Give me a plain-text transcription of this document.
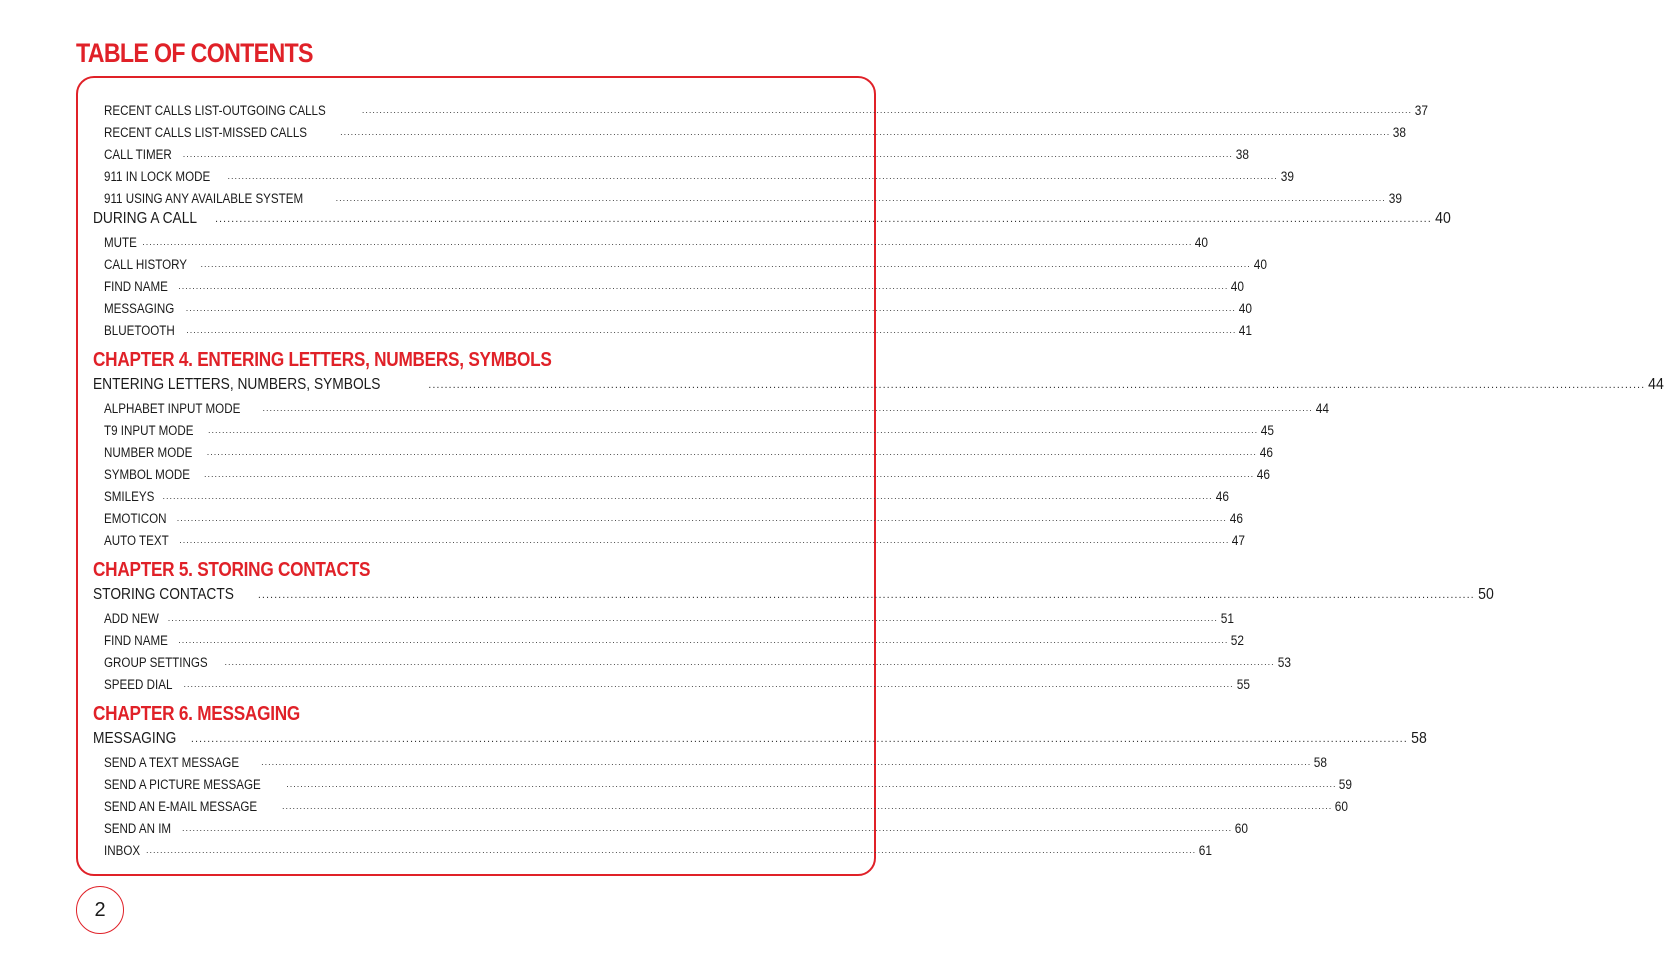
TABLE OF CONTENTS
RECENT CALLS LIST-OUTGOING CALLS	............................................................................................................................................................................................................................................................................................................ 37
RECENT CALLS LIST-MISSED CALLS	............................................................................................................................................................................................................................................................................................................ 38
CALL TIMER ............................................................................................................................................................................................................................................................................................................ 38
911 IN LOCK MODE ............................................................................................................................................................................................................................................................................................................ 39
911 USING ANY AVAILABLE SYSTEM	............................................................................................................................................................................................................................................................................................................ 39
DURING A CALL ............................................................................................................................................................................................................................................................................................................ 40
MUTE ............................................................................................................................................................................................................................................................................................................ 40
CALL HISTORY ............................................................................................................................................................................................................................................................................................................ 40
FIND NAME ............................................................................................................................................................................................................................................................................................................ 40
MESSAGING ............................................................................................................................................................................................................................................................................................................ 40
BLUETOOTH ............................................................................................................................................................................................................................................................................................................ 41
CHAPTER 4. ENTERING LETTERS, NUMBERS, SYMBOLS
ENTERING LETTERS, NUMBERS, SYMBOLS	............................................................................................................................................................................................................................................................................................................ 44
ALPHABET INPUT MODE ............................................................................................................................................................................................................................................................................................................ 44
T9 INPUT MODE ............................................................................................................................................................................................................................................................................................................ 45
NUMBER MODE ............................................................................................................................................................................................................................................................................................................ 46
SYMBOL MODE ............................................................................................................................................................................................................................................................................................................ 46
SMILEYS ............................................................................................................................................................................................................................................................................................................ 46
EMOTICON ............................................................................................................................................................................................................................................................................................................ 46
AUTO TEXT ............................................................................................................................................................................................................................................................................................................ 47
CHAPTER 5. STORING CONTACTS
STORING CONTACTS ............................................................................................................................................................................................................................................................................................................ 50
ADD NEW ............................................................................................................................................................................................................................................................................................................ 51
FIND NAME ............................................................................................................................................................................................................................................................................................................ 52
GROUP SETTINGS ............................................................................................................................................................................................................................................................................................................ 53
SPEED DIAL ............................................................................................................................................................................................................................................................................................................ 55
CHAPTER 6. MESSAGING
MESSAGING ............................................................................................................................................................................................................................................................................................................ 58
SEND A TEXT MESSAGE ............................................................................................................................................................................................................................................................................................................ 58
SEND A PICTURE MESSAGE	............................................................................................................................................................................................................................................................................................................ 59
SEND AN E-MAIL MESSAGE	............................................................................................................................................................................................................................................................................................................ 60
SEND AN IM ............................................................................................................................................................................................................................................................................................................ 60
INBOX ............................................................................................................................................................................................................................................................................................................ 61
2
